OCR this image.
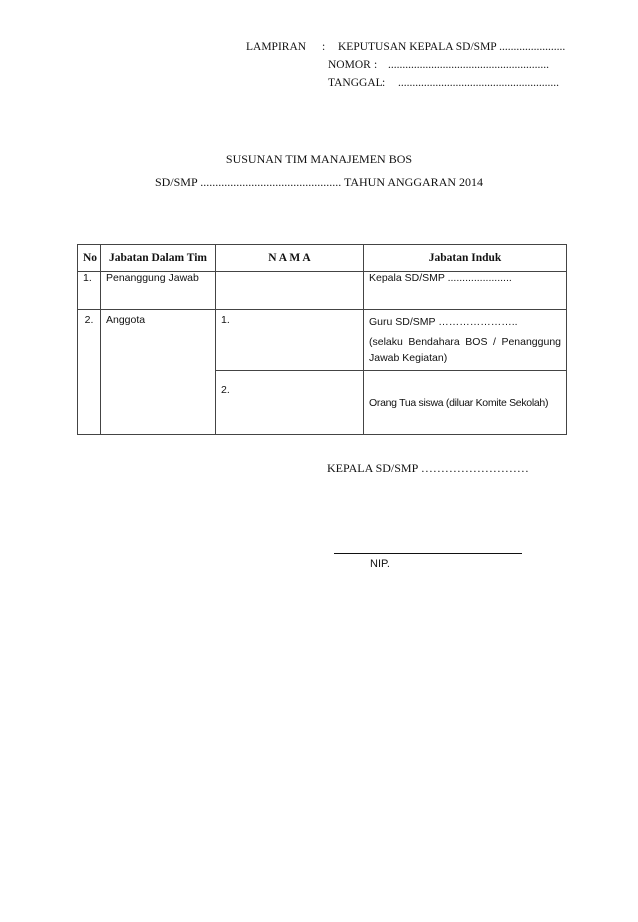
LAMPIRAN	:	KEPUTUSAN KEPALA SD/SMP .......................
NOMOR : ........................................................
TANGGAL :	........................................................
SUSUNAN TIM MANAJEMEN BOS
SD/SMP ............................................... TAHUN ANGGARAN 2014
No	Jabatan Dalam Tim	N A M A	Jabatan Induk
1.	Penanggung Jawab		Kepala SD/SMP ......................
2.	Anggota	1.	Guru SD/SMP …………………..
(selaku Bendahara BOS / Penanggung Jawab Kegiatan)

		2.	Orang Tua siswa (diluar Komite Sekolah)
KEPALA SD/SMP ………………………
NIP.
